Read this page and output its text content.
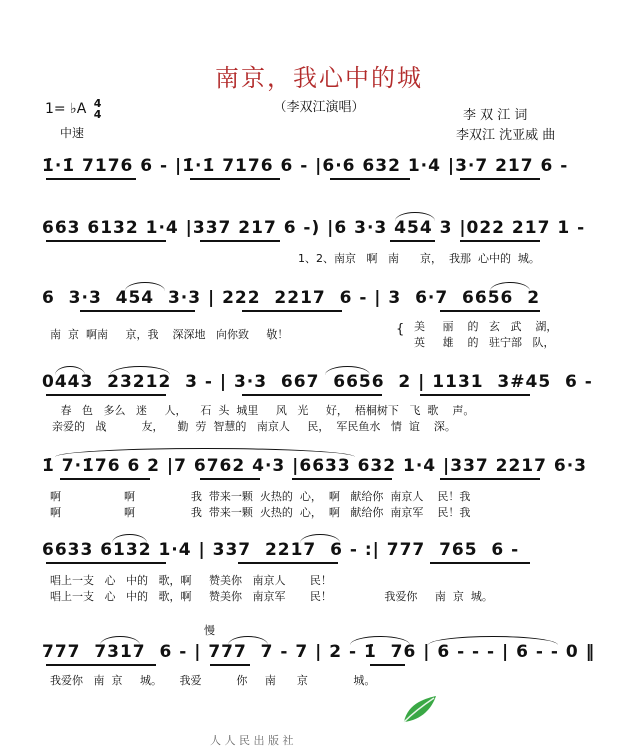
南京，我心中的城
（李双江演唱）
1= ♭A 4
4
中速
李 双 江 词
李双江 沈亚威 曲
1̇·1̇ 7176 6 - |1̇·1̇ 7176 6 - |6·6 632 1·4 |3·7 217 6 -
663 6132 1·4 |337 217 6 -) |6 3·3 454 3 |022 217 1 -
1、2、南京   啊   南      京，  我那  心中的  城。
6  3·3  454  3·3 | 222  2217  6 - | 3  6·7  6656  2
南  京  啊南     京，我    深深地   向你致     敬！	{ 美     丽    的   玄   武    湖，
英     雄    的   驻宁部   队，
0443  23212  3 - | 3·3  667  6656  2 | 1131  3#45  6 -
春   色   多么   迷     人，    石  头  城里     风   光     好，  梧桐树下   飞  歌    声。
亲爱的   战          友，    勤  劳  智慧的   南京人     民，  军民鱼水   情  谊    深。
1̇ 7·1̇76 6 2 |7 6762 4·3 |6633 632 1·4 |337 2217 6·3
啊                  啊                我  带来一颗  火热的  心，  啊   献给你  南京人    民！我
啊                  啊                我  带来一颗  火热的  心，  啊   献给你  南京军    民！我
6633 6132 1·4 | 337  2217  6 - :| 777  765  6 -
唱上一支   心   中的   歌，啊     赞美你   南京人       民！
唱上一支   心   中的   歌，啊     赞美你   南京军       民！               我爱你     南  京  城。
慢
777  7317  6 - | 777  7 - 7 | 2 - 1̇  76 | 6 - - - | 6 - - 0 ‖
我爱你   南  京     城。     我爱          你     南      京             城。
人 人 民 出 版 社
